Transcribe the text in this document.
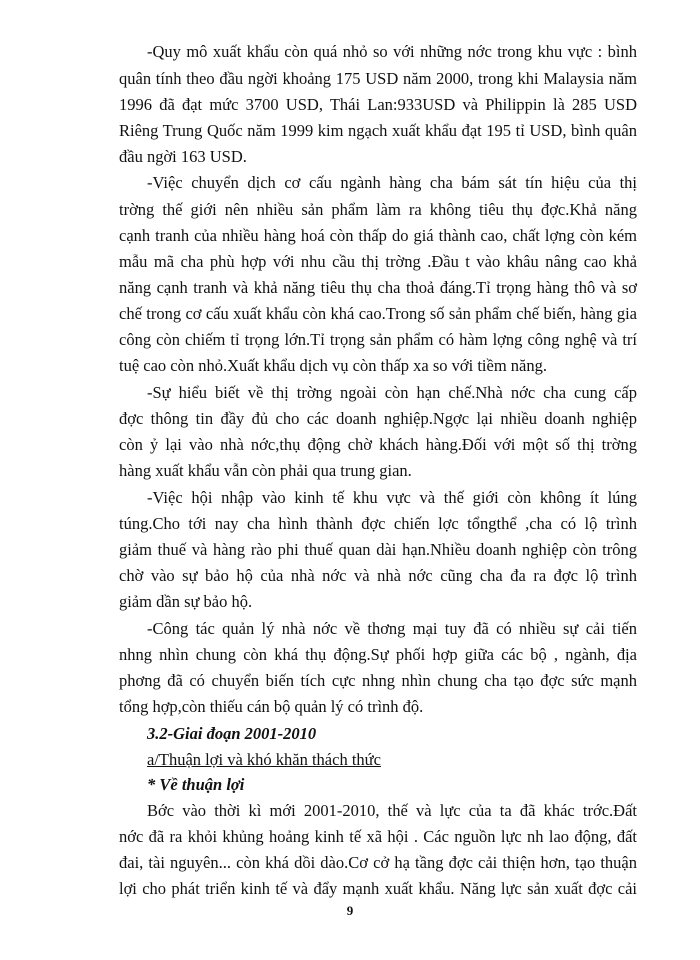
-Quy mô xuất khẩu còn quá nhỏ so với những nớc trong khu vực : bình
quân tính theo đầu ngời khoảng 175 USD năm 2000, trong khi Malaysia năm
1996 đã đạt mức 3700 USD, Thái Lan:933USD và Philippin là 285 USD
Riêng Trung Quốc năm 1999 kim ngạch xuất khẩu đạt 195 tỉ USD, bình quân
đầu ngời 163 USD.
-Việc chuyển dịch cơ cấu ngành hàng cha bám sát tín hiệu của thị
trờng thế giới nên nhiều sản phẩm làm ra không tiêu thụ đợc.Khả năng
cạnh tranh của nhiều hàng hoá còn thấp do giá thành cao, chất lợng còn kém
mẫu mã cha phù hợp với nhu cầu thị trờng .Đầu t vào khâu nâng cao khả
năng cạnh tranh và khả năng tiêu thụ cha thoả đáng.Tỉ trọng hàng thô và sơ
chế trong cơ cấu xuất khẩu còn khá cao.Trong số sản phẩm chế biến, hàng gia
công còn chiếm tỉ trọng lớn.Tỉ trọng sản phẩm có hàm lợng công nghệ và trí
tuệ cao còn nhỏ.Xuất khẩu dịch vụ còn thấp xa so với tiềm năng.
-Sự hiểu biết về thị trờng ngoài còn hạn chế.Nhà nớc cha cung cấp
đợc thông tin đầy đủ cho các doanh nghiệp.Ngợc lại nhiều doanh nghiệp
còn ỷ lại vào nhà nớc,thụ động chờ khách hàng.Đối với một số thị trờng
hàng xuất khẩu vẫn còn phải qua trung gian.
-Việc hội nhập vào kinh tế khu vực và thế giới còn không ít lúng
túng.Cho tới nay cha hình thành đợc chiến lợc tổngthể ,cha có lộ trình
giảm thuế và hàng rào phi thuế quan dài hạn.Nhiều doanh nghiệp còn trông
chờ vào sự bảo hộ của nhà nớc và nhà nớc cũng cha đa ra đợc lộ trình
giảm dần sự bảo hộ.
-Công tác quản lý nhà nớc về thơng mại tuy đã có nhiều sự cải tiến
nhng nhìn chung còn khá thụ động.Sự phối hợp giữa các bộ , ngành, địa
phơng đã có chuyển biến tích cực nhng nhìn chung cha tạo đợc sức mạnh
tổng hợp,còn thiếu cán bộ quản lý có trình độ.
3.2-Giai đoạn 2001-2010
a/Thuận lợi và khó khăn thách thức
* Về thuận lợi
Bớc vào thời kì mới 2001-2010, thế và lực của ta đã khác trớc.Đất
nớc đã ra khỏi khủng hoảng kinh tế xã hội . Các nguồn lực nh lao động, đất
đai, tài nguyên... còn khá dồi dào.Cơ cở hạ tầng đợc cải thiện hơn, tạo thuận
lợi cho phát triển kinh tế và đẩy mạnh xuất khẩu. Năng lực sản xuất đợc cải
9
